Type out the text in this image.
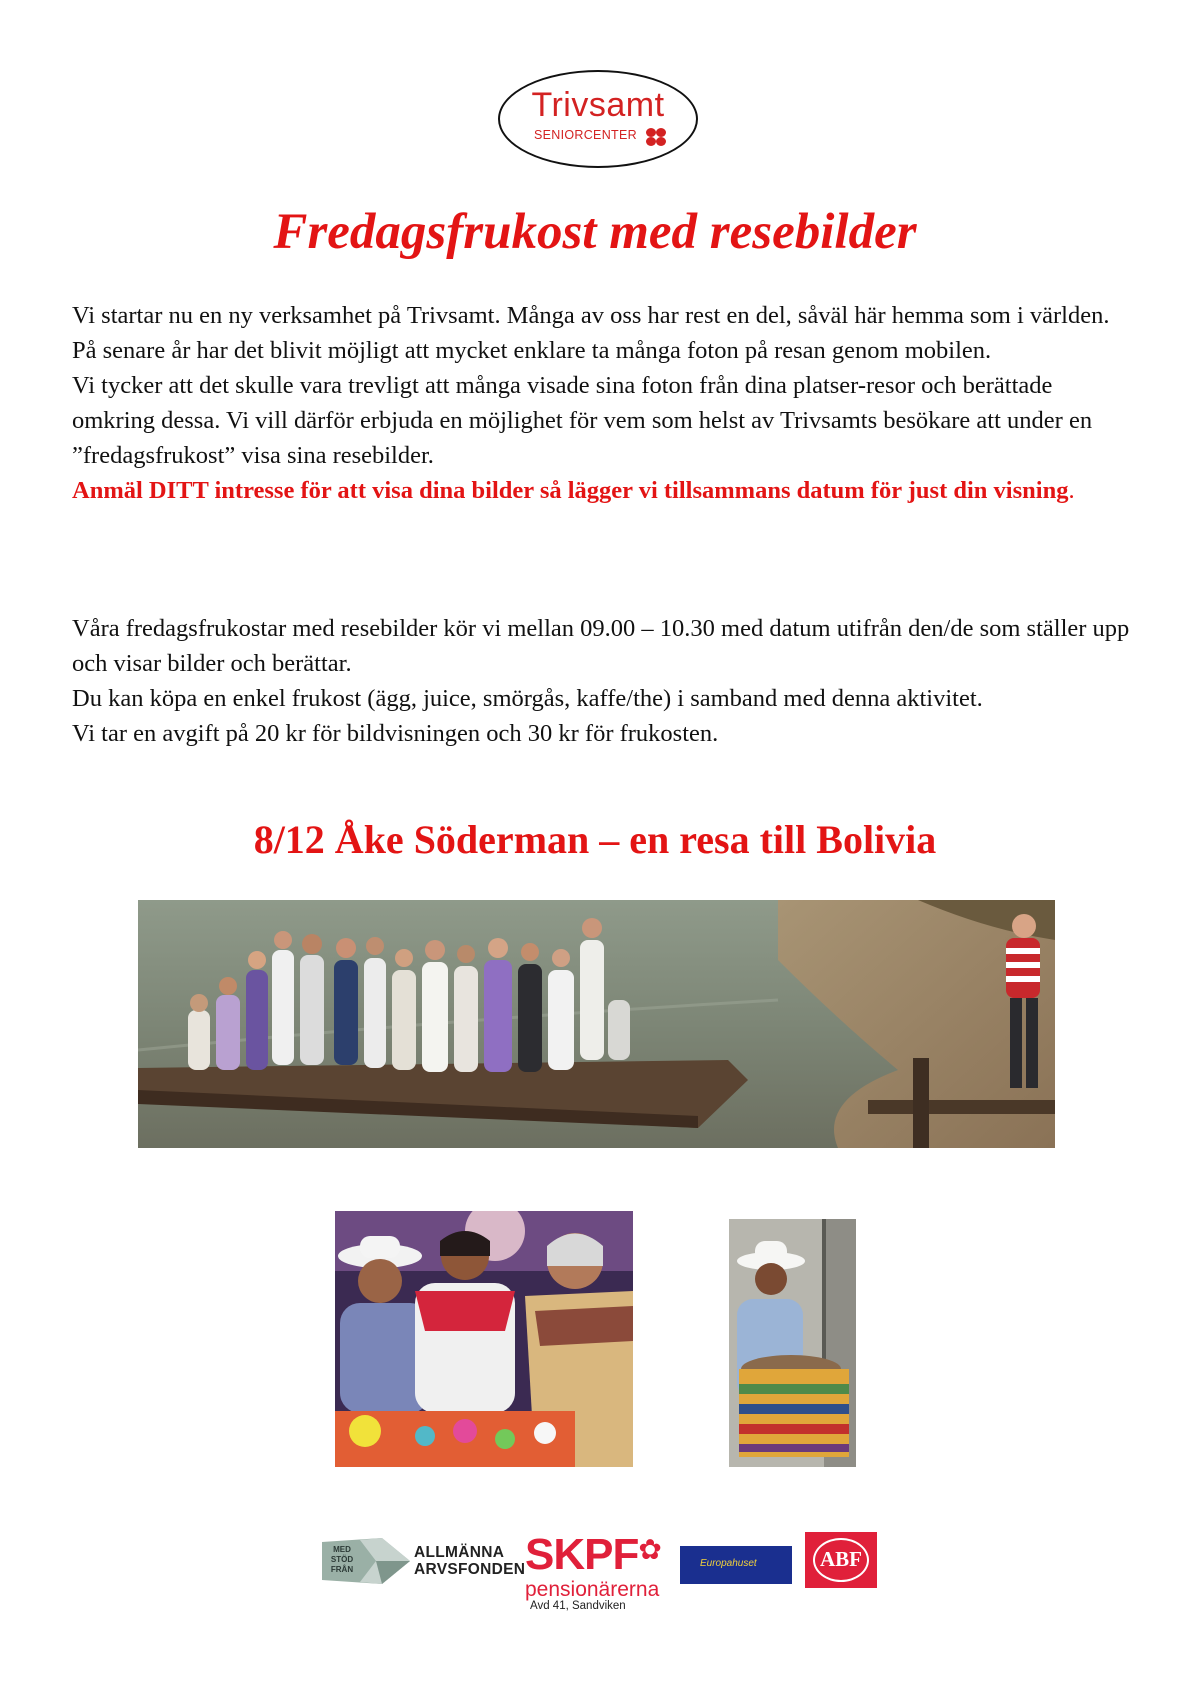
Trivsamt
SENIORCENTER
Fredagsfrukost med resebilder

Vi startar nu en ny verksamhet på Trivsamt. Många av oss har rest en del, såväl här hemma som i världen. På senare år har det blivit möjligt att mycket enklare ta många foton på resan genom mobilen.

Vi tycker att det skulle vara trevligt att många visade sina foton från dina platser-resor och berättade omkring dessa. Vi vill därför erbjuda en möjlighet för vem som helst av Trivsamts besökare att under en ”fredagsfrukost” visa sina resebilder.

Anmäl DITT intresse för att visa dina bilder så lägger vi tillsammans datum för just din visning.

Våra fredagsfrukostar med resebilder kör vi mellan 09.00 – 10.30 med datum utifrån den/de som ställer upp och visar bilder och berättar.

Du kan köpa en enkel frukost (ägg, juice, smörgås, kaffe/the) i samband med denna aktivitet.

Vi tar en avgift på 20 kr för bildvisningen och 30 kr för frukosten.

8/12 Åke Söderman – en resa till Bolivia
MED
STÖD
FRÅN
ALLMÄNNA
ARVSFONDEN SKPF✿
pensionärerna
Avd 41, Sandviken
Europahuset	ABF
